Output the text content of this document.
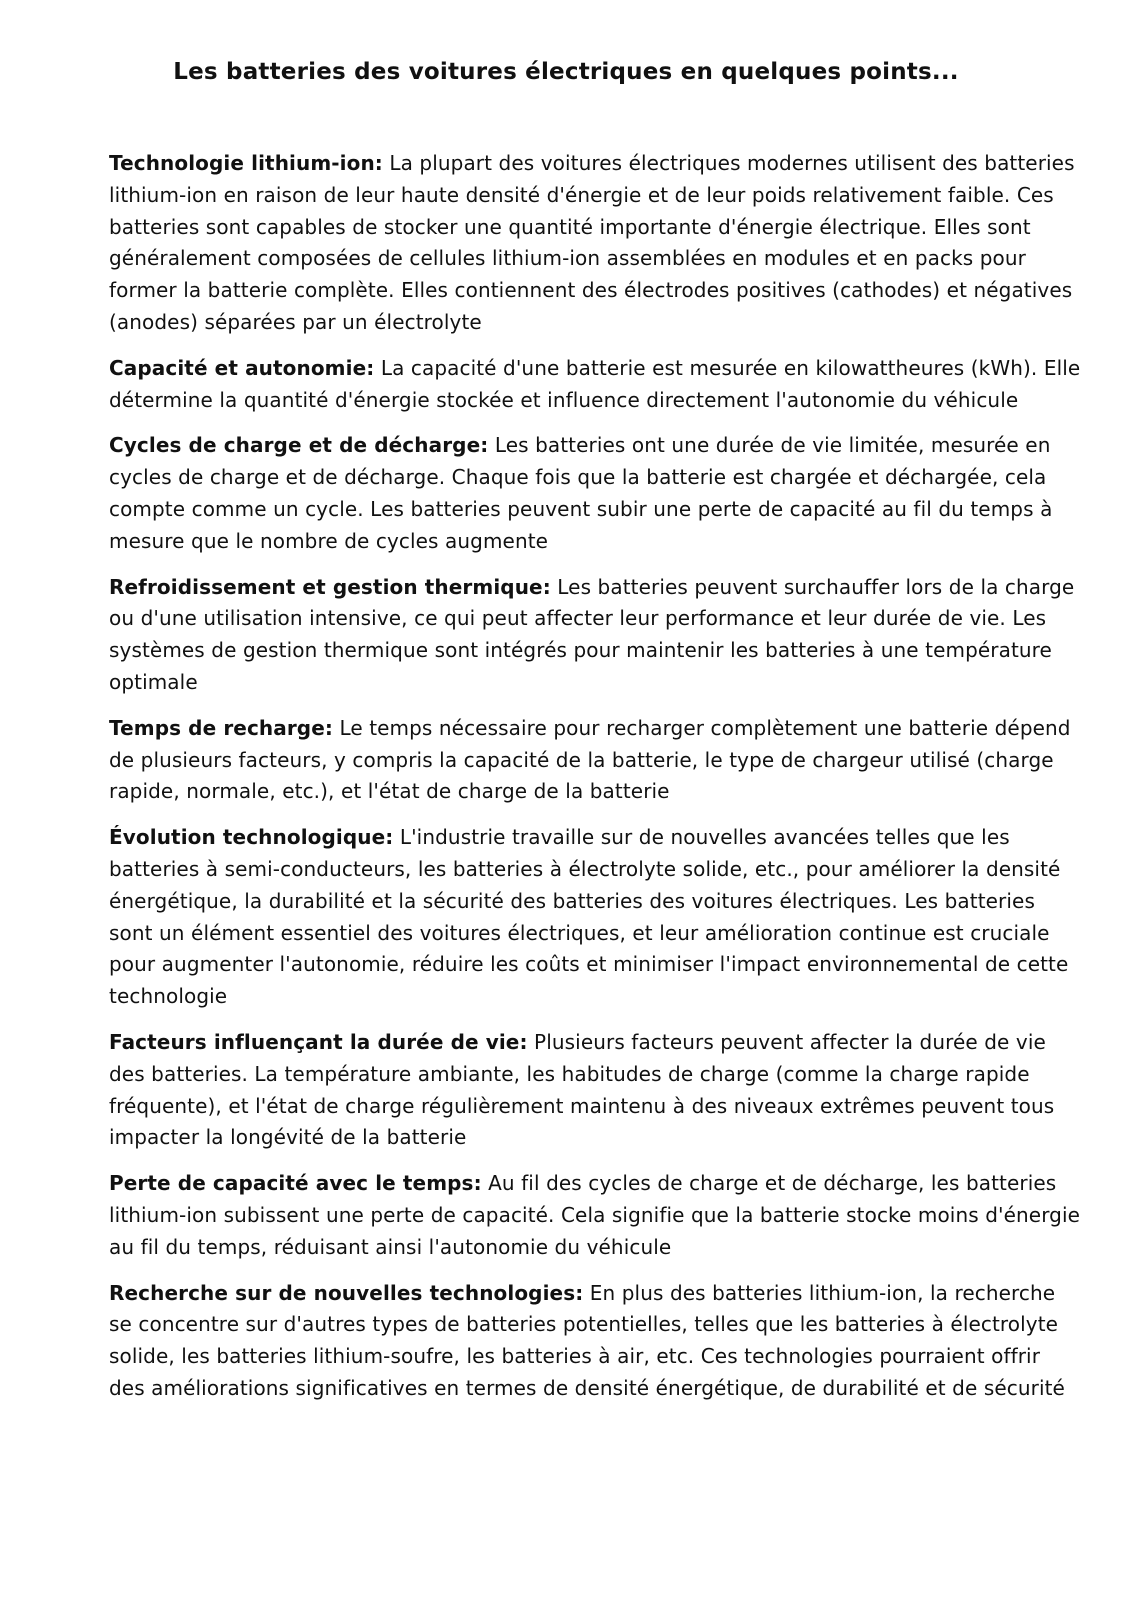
Les batteries des voitures électriques en quelques points...

Technologie lithium-ion: La plupart des voitures électriques modernes utilisent des batteries lithium-ion en raison de leur haute densité d'énergie et de leur poids relativement faible. Ces batteries sont capables de stocker une quantité importante d'énergie électrique. Elles sont généralement composées de cellules lithium-ion assemblées en modules et en packs pour former la batterie complète. Elles contiennent des électrodes positives (cathodes) et négatives (anodes) séparées par un électrolyte

Capacité et autonomie: La capacité d'une batterie est mesurée en kilowattheures (kWh). Elle détermine la quantité d'énergie stockée et influence directement l'autonomie du véhicule

Cycles de charge et de décharge: Les batteries ont une durée de vie limitée, mesurée en cycles de charge et de décharge. Chaque fois que la batterie est chargée et déchargée, cela compte comme un cycle. Les batteries peuvent subir une perte de capacité au fil du temps à mesure que le nombre de cycles augmente

Refroidissement et gestion thermique: Les batteries peuvent surchauffer lors de la charge ou d'une utilisation intensive, ce qui peut affecter leur performance et leur durée de vie. Les systèmes de gestion thermique sont intégrés pour maintenir les batteries à une température optimale

Temps de recharge: Le temps nécessaire pour recharger complètement une batterie dépend de plusieurs facteurs, y compris la capacité de la batterie, le type de chargeur utilisé (charge rapide, normale, etc.), et l'état de charge de la batterie

Évolution technologique: L'industrie travaille sur de nouvelles avancées telles que les batteries à semi-conducteurs, les batteries à électrolyte solide, etc., pour améliorer la densité énergétique, la durabilité et la sécurité des batteries des voitures électriques. Les batteries sont un élément essentiel des voitures électriques, et leur amélioration continue est cruciale pour augmenter l'autonomie, réduire les coûts et minimiser l'impact environnemental de cette technologie

Facteurs influençant la durée de vie: Plusieurs facteurs peuvent affecter la durée de vie des batteries. La température ambiante, les habitudes de charge (comme la charge rapide fréquente), et l'état de charge régulièrement maintenu à des niveaux extrêmes peuvent tous impacter la longévité de la batterie

Perte de capacité avec le temps: Au fil des cycles de charge et de décharge, les batteries lithium-ion subissent une perte de capacité. Cela signifie que la batterie stocke moins d'énergie au fil du temps, réduisant ainsi l'autonomie du véhicule

Recherche sur de nouvelles technologies: En plus des batteries lithium-ion, la recherche se concentre sur d'autres types de batteries potentielles, telles que les batteries à électrolyte solide, les batteries lithium-soufre, les batteries à air, etc. Ces technologies pourraient offrir des améliorations significatives en termes de densité énergétique, de durabilité et de sécurité
